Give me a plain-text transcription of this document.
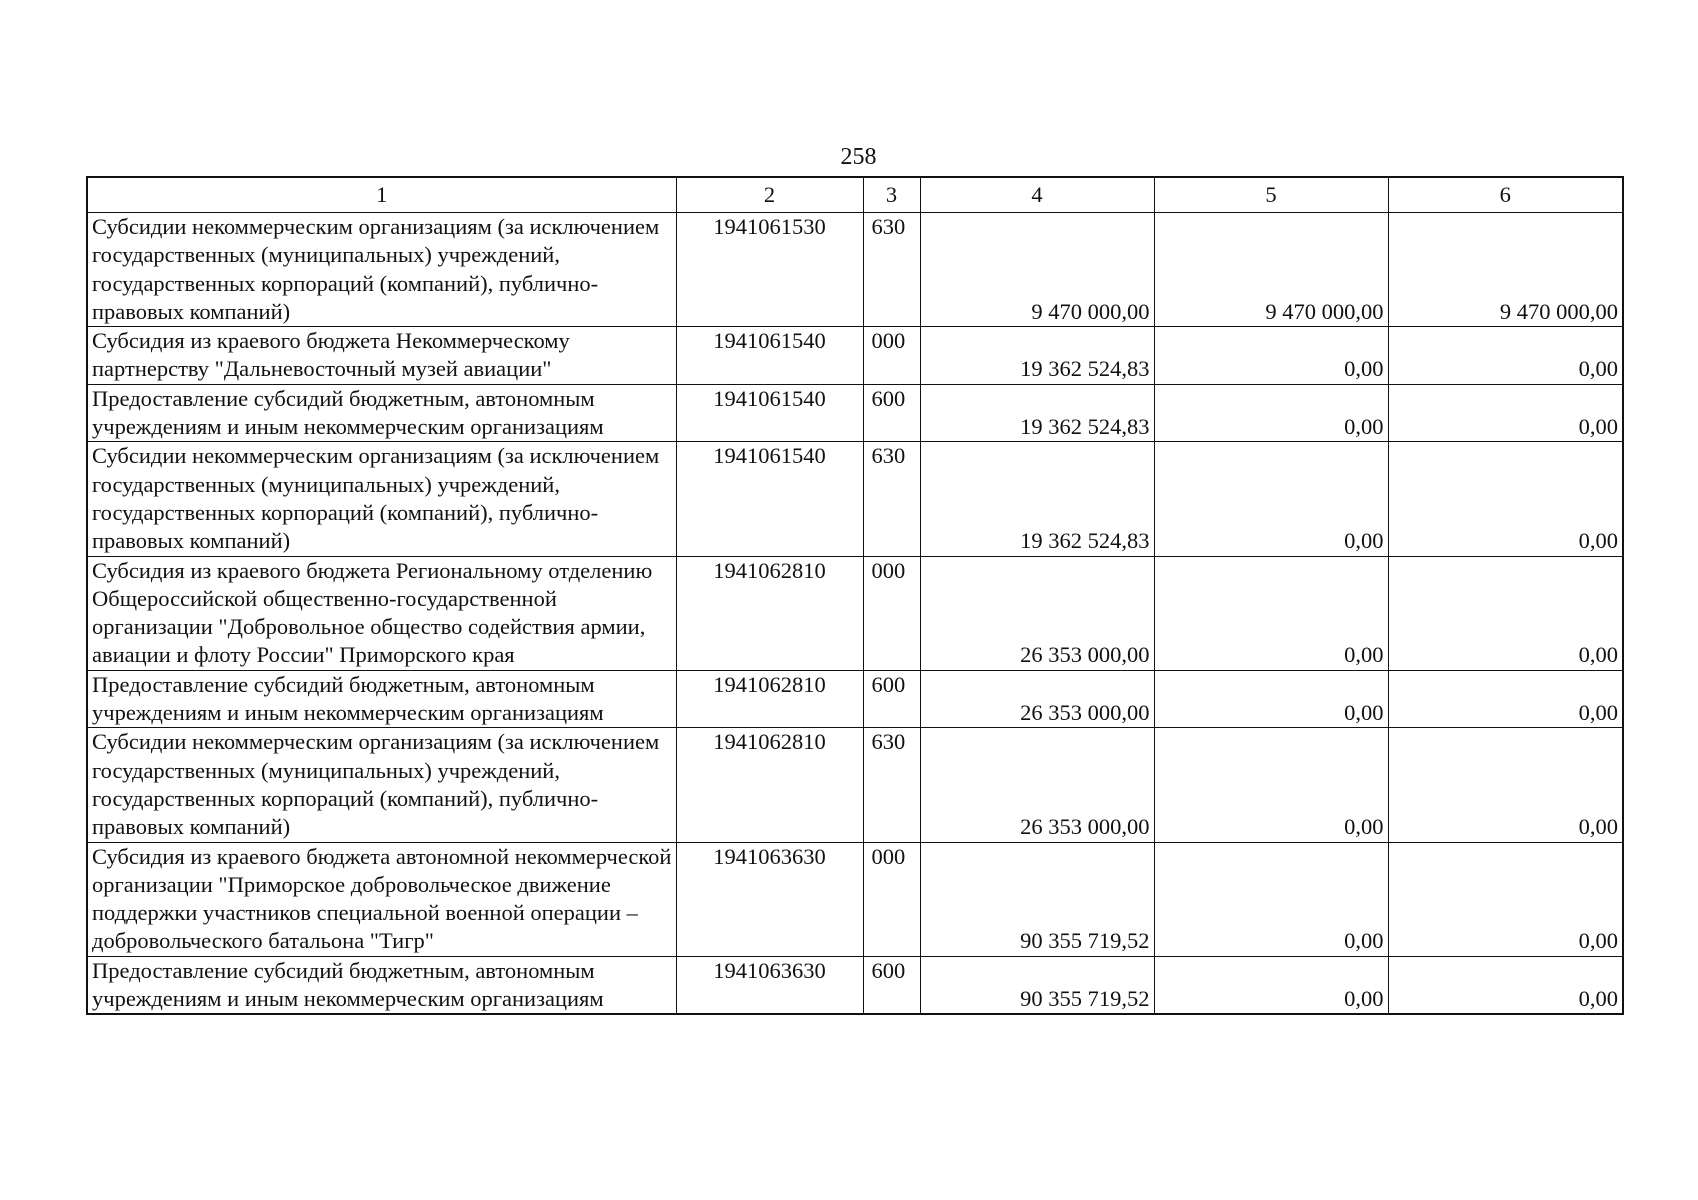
258
1	2	3	4	5	6
Субсидии некоммерческим организациям (за исключением государственных (муниципальных) учреждений, государственных корпораций (компаний), публично-правовых компаний)	1941061530	630	9 470 000,00	9 470 000,00	9 470 000,00
Субсидия из краевого бюджета Некоммерческому партнерству "Дальневосточный музей авиации"	1941061540	000	19 362 524,83	0,00	0,00
Предоставление субсидий бюджетным, автономным учреждениям и иным некоммерческим организациям	1941061540	600	19 362 524,83	0,00	0,00
Субсидии некоммерческим организациям (за исключением государственных (муниципальных) учреждений, государственных корпораций (компаний), публично-правовых компаний)	1941061540	630	19 362 524,83	0,00	0,00
Субсидия из краевого бюджета Региональному отделению Общероссийской общественно-государственной организации "Добровольное общество содействия армии, авиации и флоту России" Приморского края	1941062810	000	26 353 000,00	0,00	0,00
Предоставление субсидий бюджетным, автономным учреждениям и иным некоммерческим организациям	1941062810	600	26 353 000,00	0,00	0,00
Субсидии некоммерческим организациям (за исключением государственных (муниципальных) учреждений, государственных корпораций (компаний), публично-правовых компаний)	1941062810	630	26 353 000,00	0,00	0,00
Субсидия из краевого бюджета автономной некоммерческой организации "Приморское добровольческое движение поддержки участников специальной военной операции – добровольческого батальона "Тигр"	1941063630	000	90 355 719,52	0,00	0,00
Предоставление субсидий бюджетным, автономным учреждениям и иным некоммерческим организациям	1941063630	600	90 355 719,52	0,00	0,00
